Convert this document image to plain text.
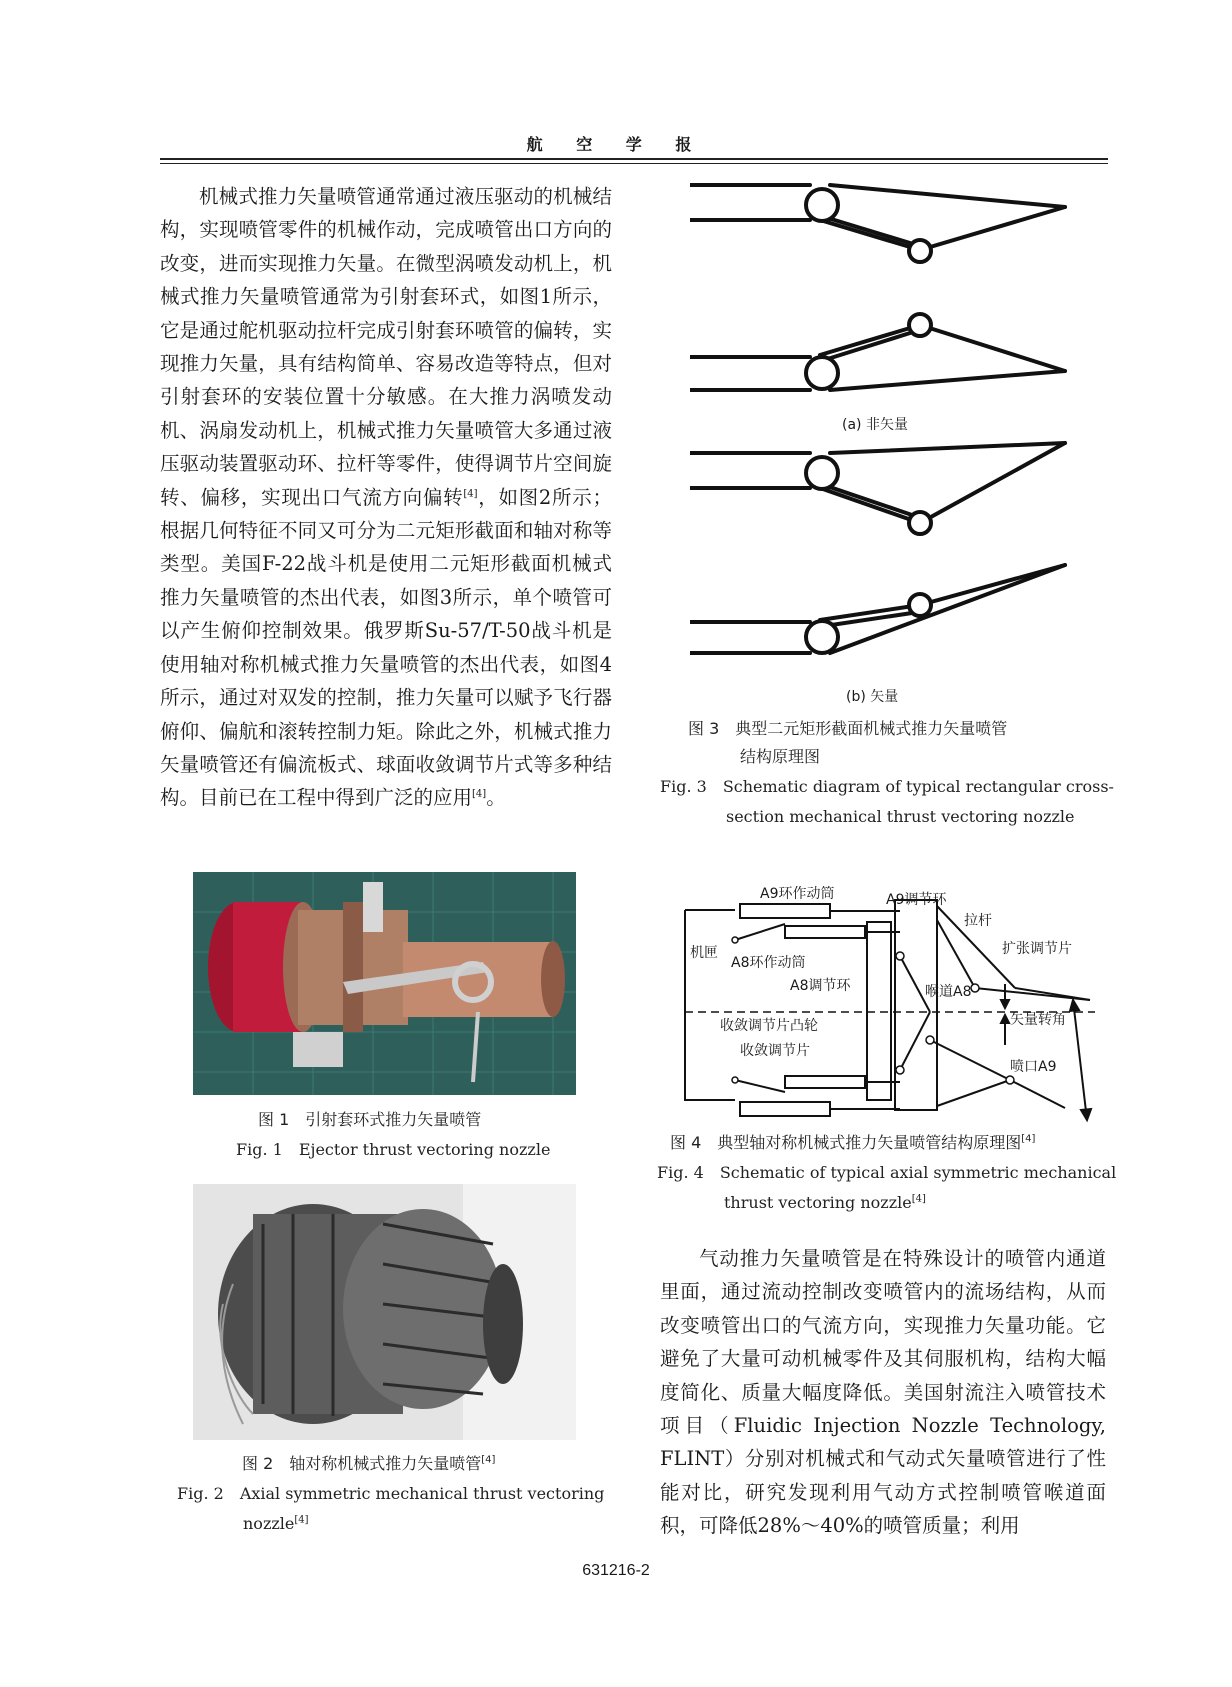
航 空 学 报

机械式推力矢量喷管通常通过液压驱动的机械结构，实现喷管零件的机械作动，完成喷管出口方向的改变，进而实现推力矢量。在微型涡喷发动机上，机械式推力矢量喷管通常为引射套环式，如图1所示，它是通过舵机驱动拉杆完成引射套环喷管的偏转，实现推力矢量，具有结构简单、容易改造等特点，但对引射套环的安装位置十分敏感。在大推力涡喷发动机、涡扇发动机上，机械式推力矢量喷管大多通过液压驱动装置驱动环、拉杆等零件，使得调节片空间旋转、偏移，实现出口气流方向偏转[4]，如图2所示；根据几何特征不同又可分为二元矩形截面和轴对称等类型。美国F-22战斗机是使用二元矩形截面机械式推力矢量喷管的杰出代表，如图3所示，单个喷管可以产生俯仰控制效果。俄罗斯Su-57/T-50战斗机是使用轴对称机械式推力矢量喷管的杰出代表，如图4所示，通过对双发的控制，推力矢量可以赋予飞行器俯仰、偏航和滚转控制力矩。除此之外，机械式推力矢量喷管还有偏流板式、球面收敛调节片式等多种结构。目前已在工程中得到广泛的应用[4]。

(a) 非矢量
(b) 矢量
图 3　典型二元矩形截面机械式推力矢量喷管
结构原理图
Fig. 3　Schematic diagram of typical rectangular cross-
section mechanical thrust vectoring nozzle
图 1　引射套环式推力矢量喷管
Fig. 1　Ejector thrust vectoring nozzle
图 2　轴对称机械式推力矢量喷管[4]
Fig. 2　Axial symmetric mechanical thrust vectoring
nozzle[4]
A9环作动筒	A9调节环
拉杆
机匣
A8环作动筒
扩张调节片
A8调节环	喉道A8
矢量转角
收敛调节片凸轮
收敛调节片
喷口A9
图 4　典型轴对称机械式推力矢量喷管结构原理图[4]
Fig. 4　Schematic of typical axial symmetric mechanical
thrust vectoring nozzle[4]

气动推力矢量喷管是在特殊设计的喷管内通道里面，通过流动控制改变喷管内的流场结构，从而改变喷管出口的气流方向，实现推力矢量功能。它避免了大量可动机械零件及其伺服机构，结构大幅度简化、质量大幅度降低。美国射流注入喷管技术项目（Fluidic Injection Nozzle Technology, FLINT）分别对机械式和气动式矢量喷管进行了性能对比，研究发现利用气动方式控制喷管喉道面积，可降低28%～40%的喷管质量；利用

631216-2
